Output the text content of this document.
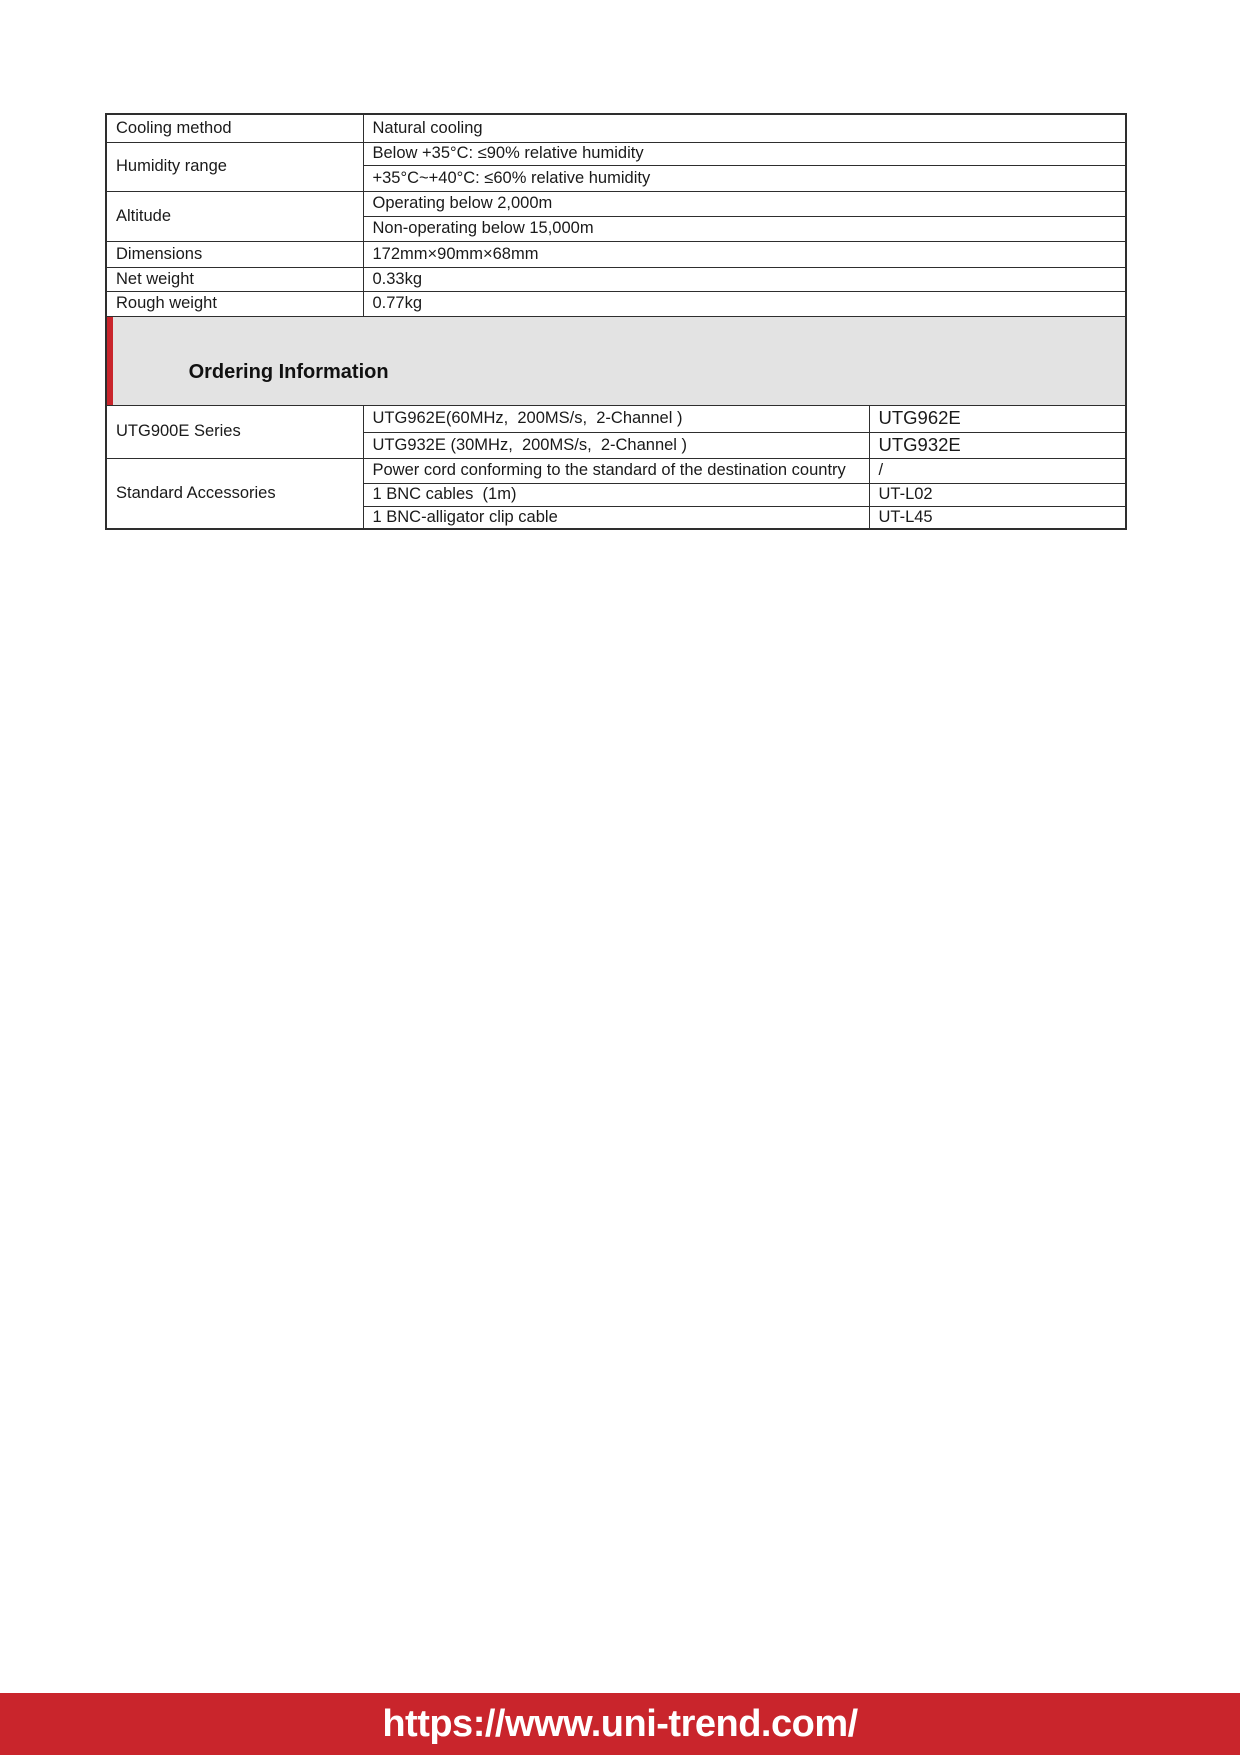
Cooling method	Natural cooling	
Humidity range	Below +35°C: ≤90% relative humidity	
	+35°C~+40°C: ≤60% relative humidity	
Altitude	Operating below 2,000m	
	Non-operating below 15,000m	
Dimensions	172mm×90mm×68mm	
Net weight	0.33kg	
Rough weight	0.77kg	

Ordering Information		

UTG900E Series	UTG962E(60MHz,  200MS/s,  2-Channel )	UTG962E
	UTG932E (30MHz,  200MS/s,  2-Channel )	UTG932E
Standard Accessories	Power cord conforming to the standard of the destination country	/
	1 BNC cables  (1m)	UT-L02
	1 BNC-alligator clip cable	UT-L45
https://www.uni-trend.com/
